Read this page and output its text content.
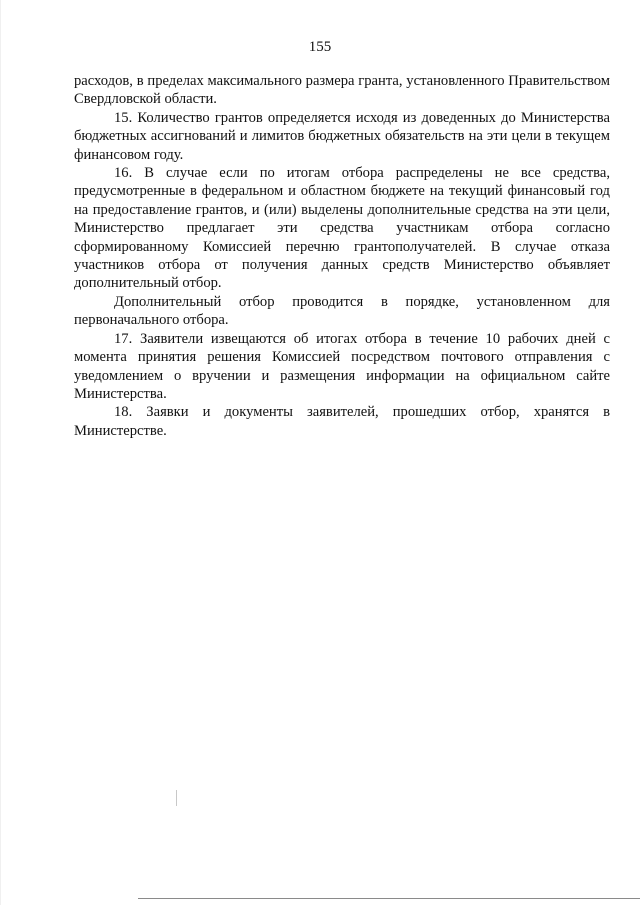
155

расходов, в пределах максимального размера гранта, установленного Правительством Свердловской области.

15. Количество грантов определяется исходя из доведенных до Министерства бюджетных ассигнований и лимитов бюджетных обязательств на эти цели в текущем финансовом году.

16. В случае если по итогам отбора распределены не все средства, предусмотренные в федеральном и областном бюджете на текущий финансовый год на предоставление грантов, и (или) выделены дополнительные средства на эти цели, Министерство предлагает эти средства участникам отбора согласно сформированному Комиссией перечню грантополучателей. В случае отказа участников отбора от получения данных средств Министерство объявляет дополнительный отбор.

Дополнительный отбор проводится в порядке, установленном для первоначального отбора.

17. Заявители извещаются об итогах отбора в течение 10 рабочих дней с момента принятия решения Комиссией посредством почтового отправления с уведомлением о вручении и размещения информации на официальном сайте Министерства.

18. Заявки и документы заявителей, прошедших отбор, хранятся в Министерстве.
